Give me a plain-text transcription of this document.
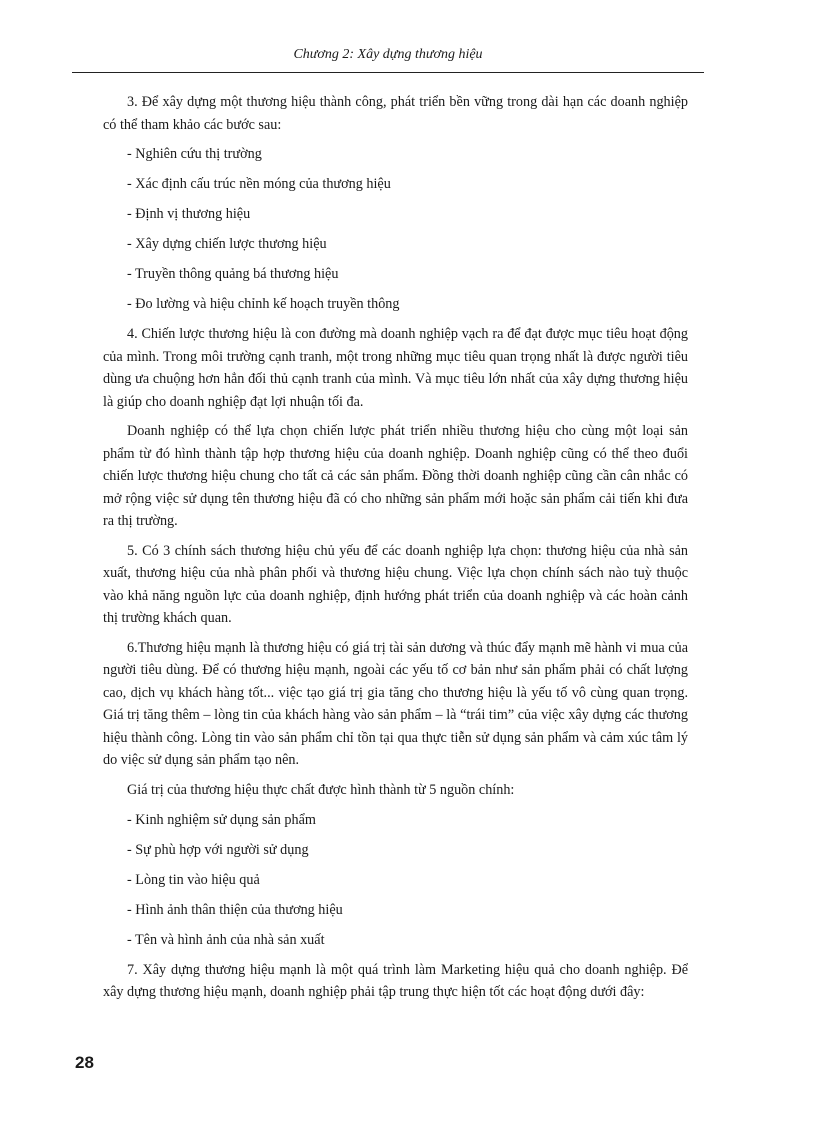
Chương 2: Xây dựng thương hiệu

3. Để xây dựng một thương hiệu thành công, phát triển bền vững trong dài hạn các doanh nghiệp có thể tham khảo các bước sau:

- Nghiên cứu thị trường

- Xác định cấu trúc nền móng của thương hiệu

- Định vị thương hiệu

- Xây dựng chiến lược thương hiệu

- Truyền thông quảng bá thương hiệu

- Đo lường và hiệu chỉnh kế hoạch truyền thông

4. Chiến lược thương hiệu là con đường mà doanh nghiệp vạch ra để đạt được mục tiêu hoạt động của mình. Trong môi trường cạnh tranh, một trong những mục tiêu quan trọng nhất là được người tiêu dùng ưa chuộng hơn hẳn đối thủ cạnh tranh của mình. Và mục tiêu lớn nhất của xây dựng thương hiệu là giúp cho doanh nghiệp đạt lợi nhuận tối đa.

Doanh nghiệp có thể lựa chọn chiến lược phát triển nhiều thương hiệu cho cùng một loại sản phẩm từ đó hình thành tập hợp thương hiệu của doanh nghiệp. Doanh nghiệp cũng có thể theo đuổi chiến lược thương hiệu chung cho tất cả các sản phẩm. Đồng thời doanh nghiệp cũng cần cân nhắc có mở rộng việc sử dụng tên thương hiệu đã có cho những sản phẩm mới hoặc sản phẩm cải tiến khi đưa ra thị trường.

5. Có 3 chính sách thương hiệu chủ yếu để các doanh nghiệp lựa chọn: thương hiệu của nhà sản xuất, thương hiệu của nhà phân phối và thương hiệu chung. Việc lựa chọn chính sách nào tuỳ thuộc vào khả năng nguồn lực của doanh nghiệp, định hướng phát triển của doanh nghiệp và các hoàn cảnh thị trường khách quan.

6.Thương hiệu mạnh là thương hiệu có giá trị tài sản dương và thúc đẩy mạnh mẽ hành vi mua của người tiêu dùng. Để có thương hiệu mạnh, ngoài các yếu tố cơ bản như sản phẩm phải có chất lượng cao, dịch vụ khách hàng tốt... việc tạo giá trị gia tăng cho thương hiệu là yếu tố vô cùng quan trọng. Giá trị tăng thêm – lòng tin của khách hàng vào sản phẩm – là “trái tim” của việc xây dựng các thương hiệu thành công. Lòng tin vào sản phẩm chỉ tồn tại qua thực tiễn sử dụng sản phẩm và cảm xúc tâm lý do việc sử dụng sản phẩm tạo nên.

Giá trị của thương hiệu thực chất được hình thành từ 5 nguồn chính:

- Kinh nghiệm sử dụng sản phẩm

- Sự phù hợp với người sử dụng

- Lòng tin vào hiệu quả

- Hình ảnh thân thiện của thương hiệu

- Tên và hình ảnh của nhà sản xuất

7. Xây dựng thương hiệu mạnh là một quá trình làm Marketing hiệu quả cho doanh nghiệp. Để xây dựng thương hiệu mạnh, doanh nghiệp phải tập trung thực hiện tốt các hoạt động dưới đây:

28
